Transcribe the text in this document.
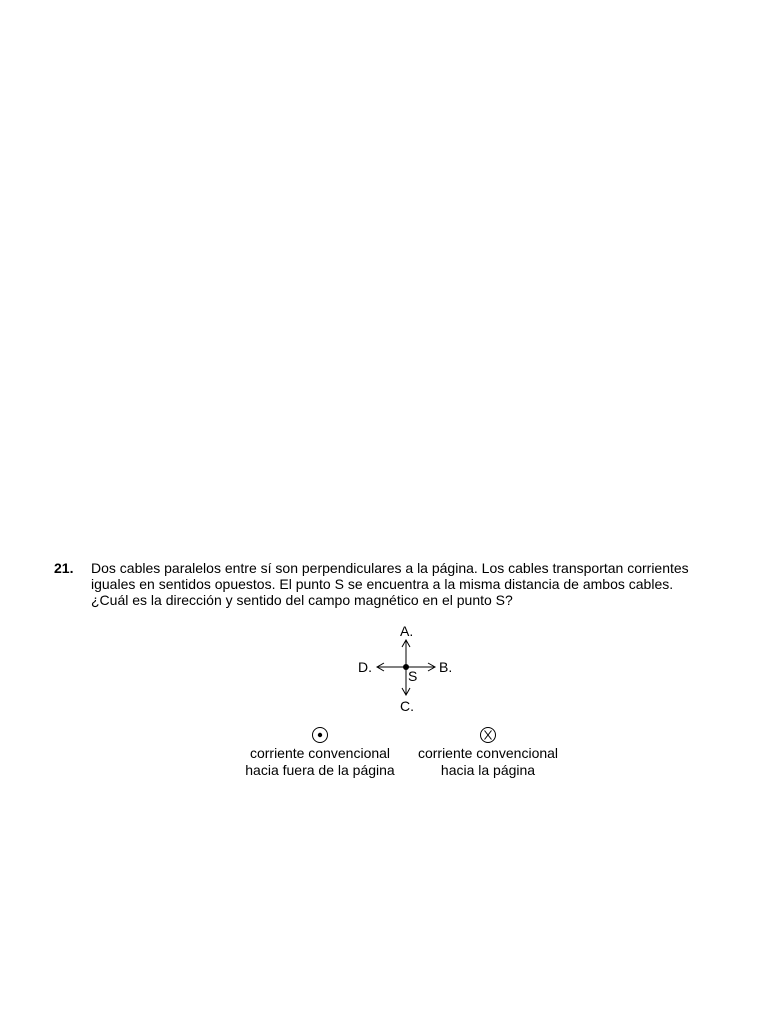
21. Dos cables paralelos entre sí son perpendiculares a la página. Los cables transportan corrientes
iguales en sentidos opuestos. El punto S se encuentra a la misma distancia de ambos cables.
¿Cuál es la dirección y sentido del campo magnético en el punto S?
A.
B.
C.
D.
S
corriente convencional
hacia fuera de la página
corriente convencional
hacia la página
